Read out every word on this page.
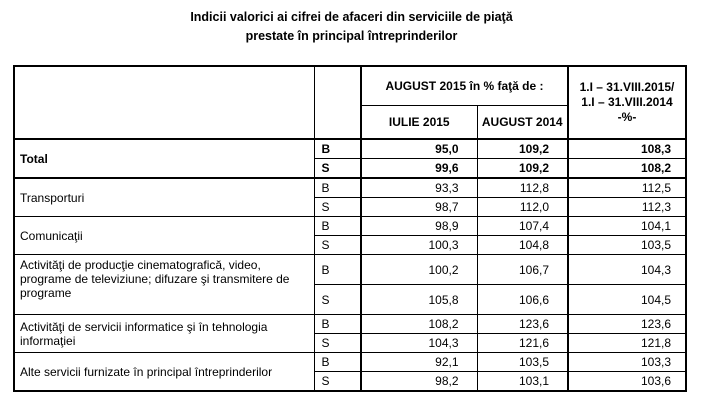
Indicii valorici ai cifrei de afaceri din serviciile de piaţă
prestate în principal întreprinderilor
		AUGUST 2015 în % faţă de :		1.I – 31.VIII.2015/
1.I – 31.VIII.2014
-%-

		IULIE 2015	AUGUST 2014	
Total	B	95,0	109,2	108,3
	S	99,6	109,2	108,2
Transporturi	B	93,3	112,8	112,5
	S	98,7	112,0	112,3
Comunicaţii	B	98,9	107,4	104,1
	S	100,3	104,8	103,5

Activităţi de producţie cinematografică, video,
programe de televiziune; difuzare şi transmitere de
programe	B	100,2	106,7	104,3
	S	105,8	106,6	104,5

Activităţi de servicii informatice şi în tehnologia
informaţiei	B	108,2	123,6	123,6
	S	104,3	121,6	121,8
Alte servicii furnizate în principal întreprinderilor	B	92,1	103,5	103,3
	S	98,2	103,1	103,6
